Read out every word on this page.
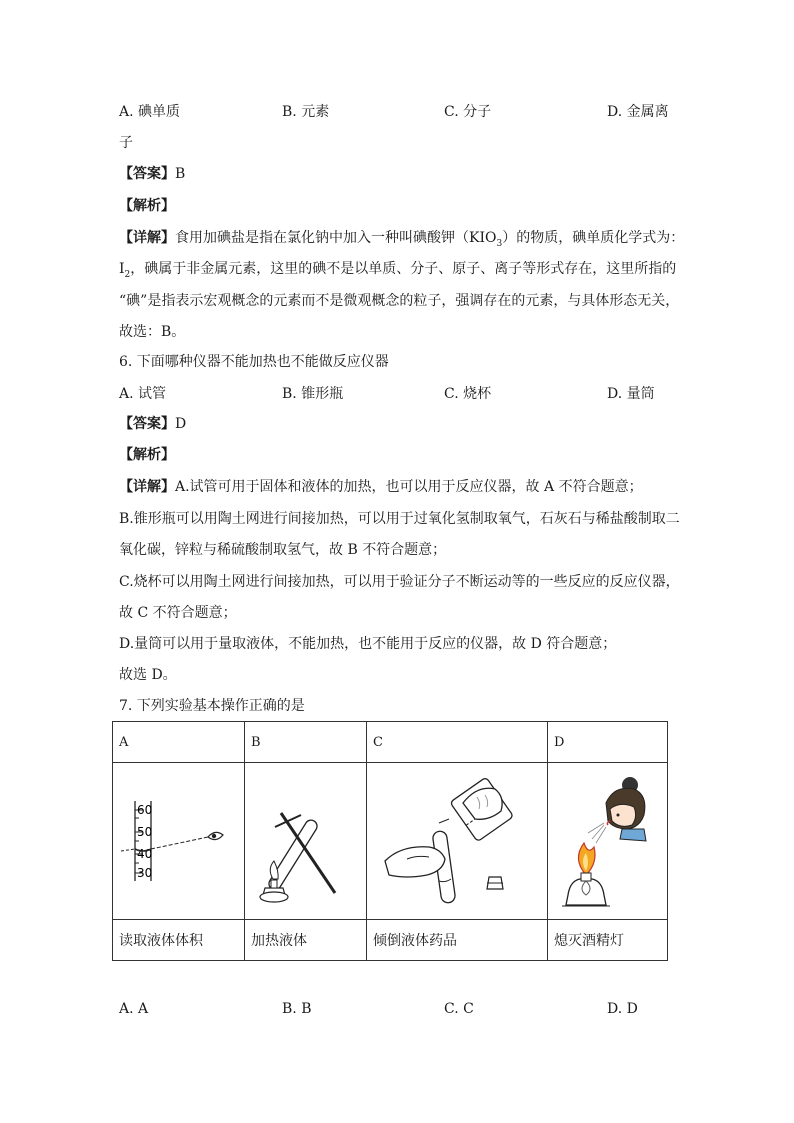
A. 碘单质	B. 元素	C. 分子	D. 金属离
子
【答案】B
【解析】
【详解】食用加碘盐是指在氯化钠中加入一种叫碘酸钾$(KIO_3)$的物质，碘单质化学式为：
$I_2$，碘属于非金属元素，这里的碘不是以单质、分子、原子、离子等形式存在，这里所指的
“碘”是指表示宏观概念的元素而不是微观概念的粒子，强调存在的元素，与具体形态无关，
故选：B。
6. 下面哪种仪器不能加热也不能做反应仪器
A. 试管	B. 锥形瓶	C. 烧杯	D. 量筒
【答案】D
【解析】
【详解】A.试管可用于固体和液体的加热，也可以用于反应仪器，故 A 不符合题意；
B.锥形瓶可以用陶土网进行间接加热，可以用于过氧化氢制取氧气，石灰石与稀盐酸制取二
氧化碳，锌粒与稀硫酸制取氢气，故 B 不符合题意；
C.烧杯可以用陶土网进行间接加热，可以用于验证分子不断运动等的一些反应的反应仪器，
故 C 不符合题意；
D.量筒可以用于量取液体，不能加热，也不能用于反应的仪器，故 D 符合题意；
故选 D。
7. 下列实验基本操作正确的是
A	B	C	D

60
50
40
30

读取液体体积	加热液体	倾倒液体药品	熄灭酒精灯
A. A	B. B	C. C	D. D
